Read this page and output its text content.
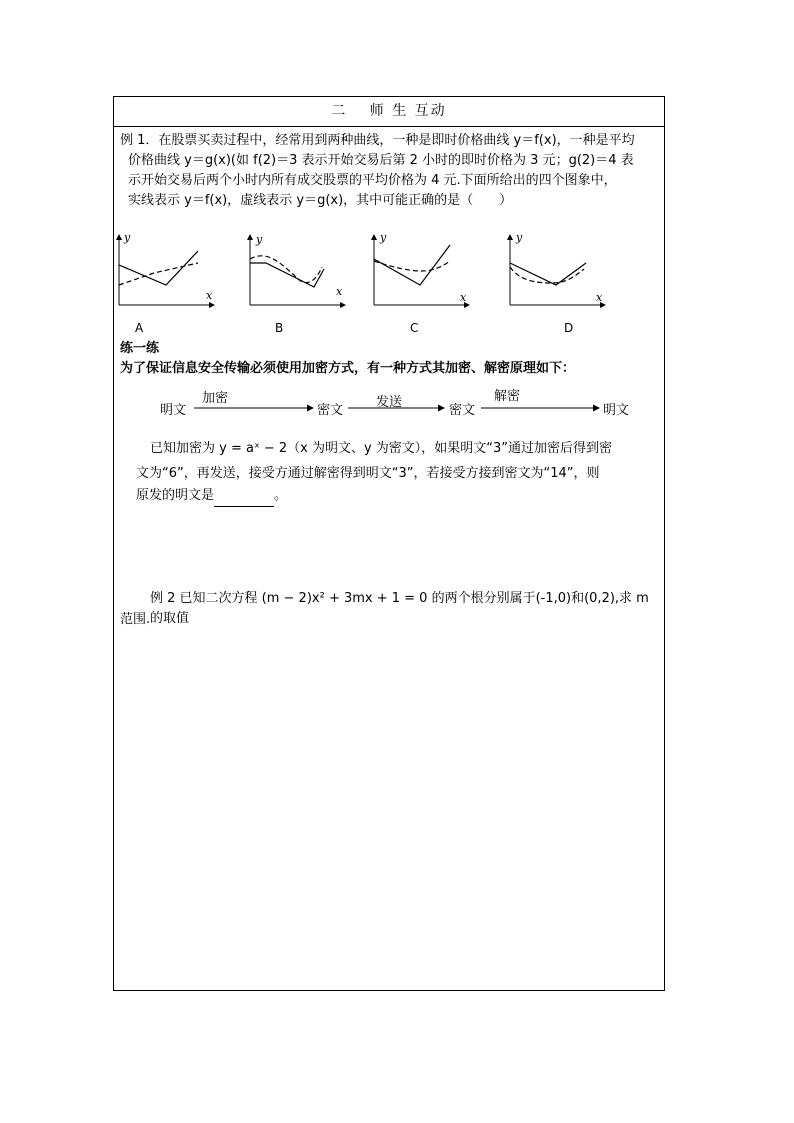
二　 师 生 互动
例 1．在股票买卖过程中，经常用到两种曲线，一种是即时价格曲线 y＝f(x)，一种是平均
价格曲线 y＝g(x)(如 f(2)＝3 表示开始交易后第 2 小时的即时价格为 3 元；g(2)＝4 表
示开始交易后两个小时内所有成交股票的平均价格为 4 元.下面所给出的四个图象中，
实线表示 y＝f(x)，虚线表示 y＝g(x)，其中可能正确的是（　　）
y
x
y
x
y
x
y
x
A	B	C	D
练一练
为了保证信息安全传输必须使用加密方式，有一种方式其加密、解密原理如下：
明文
加密
密文
发送
密文
解密
明文
已知加密为 y = aˣ − 2（x 为明文、y 为密文），如果明文“3”通过加密后得到密
文为“6”，再发送，接受方通过解密得到明文“3”，若接受方接到密文为“14”，则
原发的明文是	。
例 2 已知二次方程 (m − 2)x² + 3mx + 1 = 0 的两个根分别属于(-1,0)和(0,2),求 m 的取值
范围.
